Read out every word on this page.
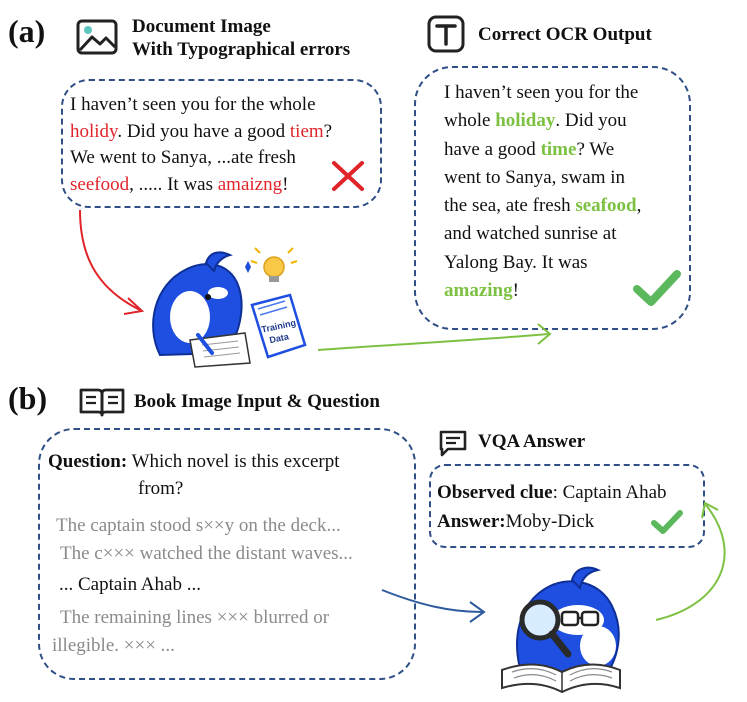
(a)	Document Image
With Typographical errors
Correct OCR Output
I haven’t seen you for the whole
holidy. Did you have a good tiem?
We went to Sanya, ...ate fresh
seefood, ..... It was amaizng!
I haven’t seen you for the
whole holiday. Did you
have a good time? We
went to Sanya, swam in
the sea, ate fresh seafood,
and watched sunrise at
Yalong Bay. It was
amazing!
Training
Data
(b)	Book Image Input & Question
VQA Answer
Question: Which novel is this excerpt
from?
The captain stood s××y on the deck...
The c××× watched the distant waves...
... Captain Ahab ...
The remaining lines ××× blurred or
illegible. ××× ...
Observed clue: Captain Ahab
Answer:Moby-Dick
